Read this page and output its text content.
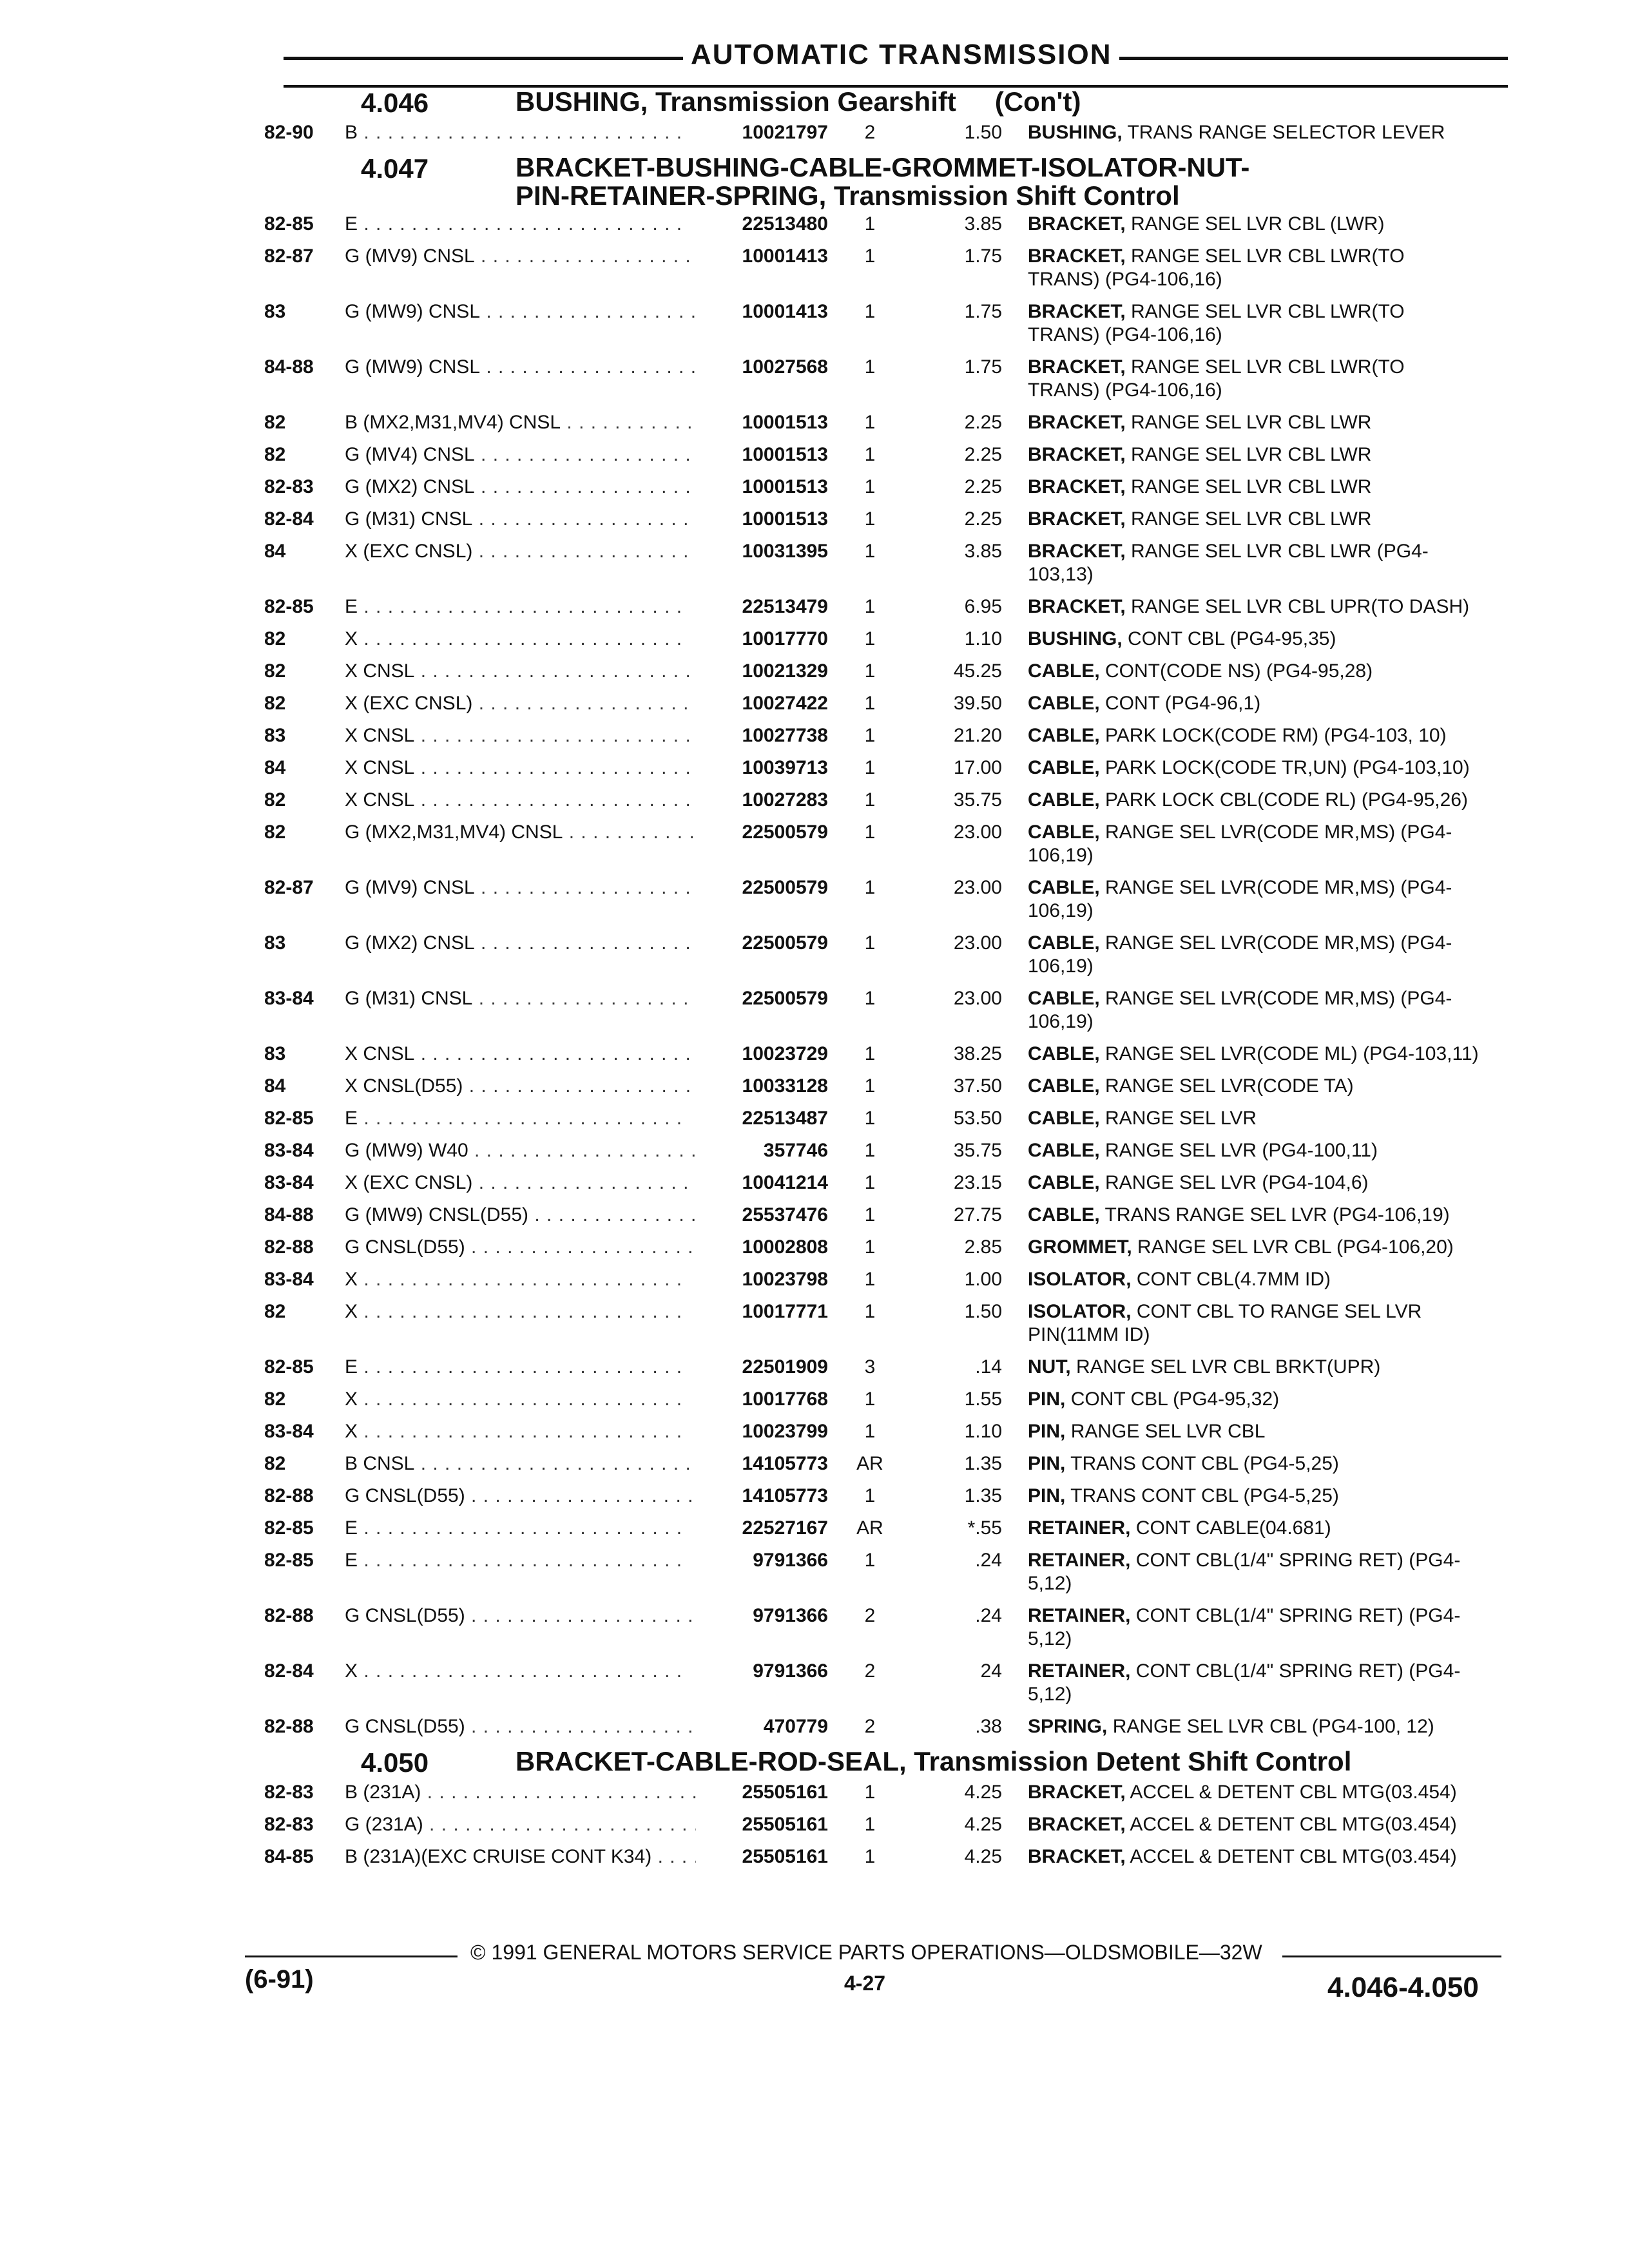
AUTOMATIC TRANSMISSION
4.046	BUSHING, Transmission Gearshift (Con't)
82-90	B . . .	10021797	2	1.50	BUSHING, TRANS RANGE SELECTOR LEVER
4.047	BRACKET-BUSHING-CABLE-GROMMET-ISOLATOR-NUT-
PIN-RETAINER-SPRING, Transmission Shift Control
82-85	E . . .	22513480	1	3.85	BRACKET, RANGE SEL LVR CBL (LWR)
82-87	G (MV9) CNSL . . .	10001413	1	1.75	BRACKET, RANGE SEL LVR CBL LWR(TO TRANS) (PG4-106,16)
83	G (MW9) CNSL . . .	10001413	1	1.75	BRACKET, RANGE SEL LVR CBL LWR(TO TRANS) (PG4-106,16)
84-88	G (MW9) CNSL . . .	10027568	1	1.75	BRACKET, RANGE SEL LVR CBL LWR(TO TRANS) (PG4-106,16)
82	B (MX2,M31,MV4) CNSL . . .	10001513	1	2.25	BRACKET, RANGE SEL LVR CBL LWR
82	G (MV4) CNSL . . .	10001513	1	2.25	BRACKET, RANGE SEL LVR CBL LWR
82-83	G (MX2) CNSL . . .	10001513	1	2.25	BRACKET, RANGE SEL LVR CBL LWR
82-84	G (M31) CNSL . . .	10001513	1	2.25	BRACKET, RANGE SEL LVR CBL LWR
84	X (EXC CNSL) . . .	10031395	1	3.85	BRACKET, RANGE SEL LVR CBL LWR (PG4-103,13)
82-85	E . . .	22513479	1	6.95	BRACKET, RANGE SEL LVR CBL UPR(TO DASH)
82	X . . .	10017770	1	1.10	BUSHING, CONT CBL (PG4-95,35)
82	X CNSL . . .	10021329	1	45.25	CABLE, CONT(CODE NS) (PG4-95,28)
82	X (EXC CNSL) . . .	10027422	1	39.50	CABLE, CONT (PG4-96,1)
83	X CNSL . . .	10027738	1	21.20	CABLE, PARK LOCK(CODE RM) (PG4-103, 10)
84	X CNSL . . .	10039713	1	17.00	CABLE, PARK LOCK(CODE TR,UN) (PG4-103,10)
82	X CNSL . . .	10027283	1	35.75	CABLE, PARK LOCK CBL(CODE RL) (PG4-95,26)
82	G (MX2,M31,MV4) CNSL . . .	22500579	1	23.00	CABLE, RANGE SEL LVR(CODE MR,MS) (PG4-106,19)
82-87	G (MV9) CNSL . . .	22500579	1	23.00	CABLE, RANGE SEL LVR(CODE MR,MS) (PG4-106,19)
83	G (MX2) CNSL . . .	22500579	1	23.00	CABLE, RANGE SEL LVR(CODE MR,MS) (PG4-106,19)
83-84	G (M31) CNSL . . .	22500579	1	23.00	CABLE, RANGE SEL LVR(CODE MR,MS) (PG4-106,19)
83	X CNSL . . .	10023729	1	38.25	CABLE, RANGE SEL LVR(CODE ML) (PG4-103,11)
84	X CNSL(D55) . . .	10033128	1	37.50	CABLE, RANGE SEL LVR(CODE TA)
82-85	E . . .	22513487	1	53.50	CABLE, RANGE SEL LVR
83-84	G (MW9) W40 . . .	357746	1	35.75	CABLE, RANGE SEL LVR (PG4-100,11)
83-84	X (EXC CNSL) . . .	10041214	1	23.15	CABLE, RANGE SEL LVR (PG4-104,6)
84-88	G (MW9) CNSL(D55) . . .	25537476	1	27.75	CABLE, TRANS RANGE SEL LVR (PG4-106,19)
82-88	G CNSL(D55) . . .	10002808	1	2.85	GROMMET, RANGE SEL LVR CBL (PG4-106,20)
83-84	X . . .	10023798	1	1.00	ISOLATOR, CONT CBL(4.7MM ID)
82	X . . .	10017771	1	1.50	ISOLATOR, CONT CBL TO RANGE SEL LVR PIN(11MM ID)
82-85	E . . .	22501909	3	.14	NUT, RANGE SEL LVR CBL BRKT(UPR)
82	X . . .	10017768	1	1.55	PIN, CONT CBL (PG4-95,32)
83-84	X . . .	10023799	1	1.10	PIN, RANGE SEL LVR CBL
82	B CNSL . . .	14105773	AR	1.35	PIN, TRANS CONT CBL (PG4-5,25)
82-88	G CNSL(D55) . . .	14105773	1	1.35	PIN, TRANS CONT CBL (PG4-5,25)
82-85	E . . .	22527167	AR	*.55	RETAINER, CONT CABLE(04.681)
82-85	E . . .	9791366	1	.24	RETAINER, CONT CBL(1/4" SPRING RET) (PG4-5,12)
82-88	G CNSL(D55) . . .	9791366	2	.24	RETAINER, CONT CBL(1/4" SPRING RET) (PG4-5,12)
82-84	X . . .	9791366	2	24	RETAINER, CONT CBL(1/4" SPRING RET) (PG4-5,12)
82-88	G CNSL(D55) . . .	470779	2	.38	SPRING, RANGE SEL LVR CBL (PG4-100, 12)
4.050	BRACKET-CABLE-ROD-SEAL, Transmission Detent Shift Control
82-83	B (231A) . . .	25505161	1	4.25	BRACKET, ACCEL & DETENT CBL MTG(03.454)
82-83	G (231A) . . .	25505161	1	4.25	BRACKET, ACCEL & DETENT CBL MTG(03.454)
84-85	B (231A)(EXC CRUISE CONT K34) . . .	25505161	1	4.25	BRACKET, ACCEL & DETENT CBL MTG(03.454)
© 1991 GENERAL MOTORS SERVICE PARTS OPERATIONS—OLDSMOBILE—32W
(6-91)	4-27	4.046-4.050
